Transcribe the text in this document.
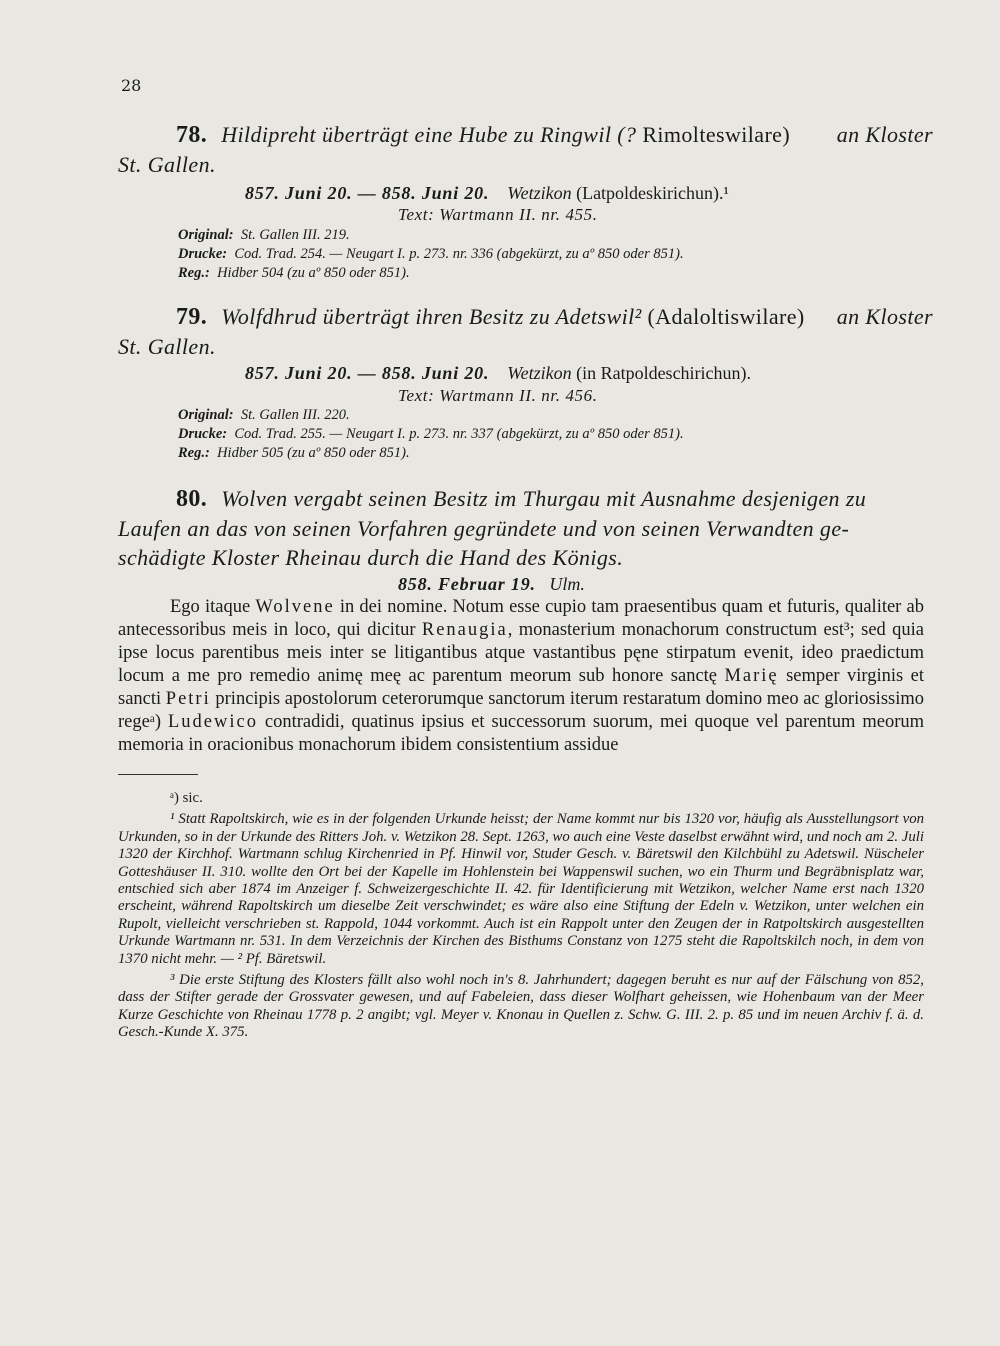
28
78. Hildipreht überträgt eine Hube zu Ringwil (? Rimolteswilare) an Kloster
St. Gallen.
857. Juni 20. — 858. Juni 20. Wetzikon (Latpoldeskirichun).¹
Text: Wartmann II. nr. 455.
Original: St. Gallen III. 219.
Drucke: Cod. Trad. 254. — Neugart I. p. 273. nr. 336 (abgekürzt, zu aº 850 oder 851).
Reg.: Hidber 504 (zu aº 850 oder 851).
79. Wolfdhrud überträgt ihren Besitz zu Adetswil² (Adaloltiswilare) an Kloster
St. Gallen.
857. Juni 20. — 858. Juni 20. Wetzikon (in Ratpoldeschirichun).
Text: Wartmann II. nr. 456.
Original: St. Gallen III. 220.
Drucke: Cod. Trad. 255. — Neugart I. p. 273. nr. 337 (abgekürzt, zu aº 850 oder 851).
Reg.: Hidber 505 (zu aº 850 oder 851).
80. Wolven vergabt seinen Besitz im Thurgau mit Ausnahme desjenigen zu
Laufen an das von seinen Vorfahren gegründete und von seinen Verwandten ge-
schädigte Kloster Rheinau durch die Hand des Königs.
858. Februar 19. Ulm.

Ego itaque Wolvene in dei nomine. Notum esse cupio tam praesentibus quam et futuris, qualiter ab antecessoribus meis in loco, qui dicitur Renaugia, monasterium monachorum constructum est³; sed quia ipse locus parentibus meis inter se litigantibus atque vastantibus pęne stirpatum evenit, ideo praedictum locum a me pro remedio animę meę ac parentum meorum sub honore sanctę Marię semper virginis et sancti Petri principis apostolorum ceterorumque sanctorum iterum restaratum domino meo ac gloriosissimo regeᵃ) Ludewico contradidi, quatinus ipsius et successorum suorum, mei quoque vel parentum meorum memoria in oracionibus monachorum ibidem consistentium assidue

ᵃ) sic.

¹ Statt Rapoltskirch, wie es in der folgenden Urkunde heisst; der Name kommt nur bis 1320 vor, häufig als Ausstellungsort von Urkunden, so in der Urkunde des Ritters Joh. v. Wetzikon 28. Sept. 1263, wo auch eine Veste daselbst erwähnt wird, und noch am 2. Juli 1320 der Kirchhof. Wartmann schlug Kirchenried in Pf. Hinwil vor, Studer Gesch. v. Bäretswil den Kilchbühl zu Adetswil. Nüscheler Gotteshäuser II. 310. wollte den Ort bei der Kapelle im Hohlenstein bei Wappenswil suchen, wo ein Thurm und Begräbnisplatz war, entschied sich aber 1874 im Anzeiger f. Schweizergeschichte II. 42. für Identificierung mit Wetzikon, welcher Name erst nach 1320 erscheint, während Rapoltskirch um dieselbe Zeit verschwindet; es wäre also eine Stiftung der Edeln v. Wetzikon, unter welchen ein Rupolt, vielleicht verschrieben st. Rappold, 1044 vorkommt. Auch ist ein Rappolt unter den Zeugen der in Ratpoltskirch ausgestellten Urkunde Wartmann nr. 531. In dem Verzeichnis der Kirchen des Bisthums Constanz von 1275 steht die Rapoltskilch noch, in dem von 1370 nicht mehr. — ² Pf. Bäretswil.

³ Die erste Stiftung des Klosters fällt also wohl noch in's 8. Jahrhundert; dagegen beruht es nur auf der Fälschung von 852, dass der Stifter gerade der Grossvater gewesen, und auf Fabeleien, dass dieser Wolfhart geheissen, wie Hohenbaum van der Meer Kurze Geschichte von Rheinau 1778 p. 2 angibt; vgl. Meyer v. Knonau in Quellen z. Schw. G. III. 2. p. 85 und im neuen Archiv f. ä. d. Gesch.-Kunde X. 375.
